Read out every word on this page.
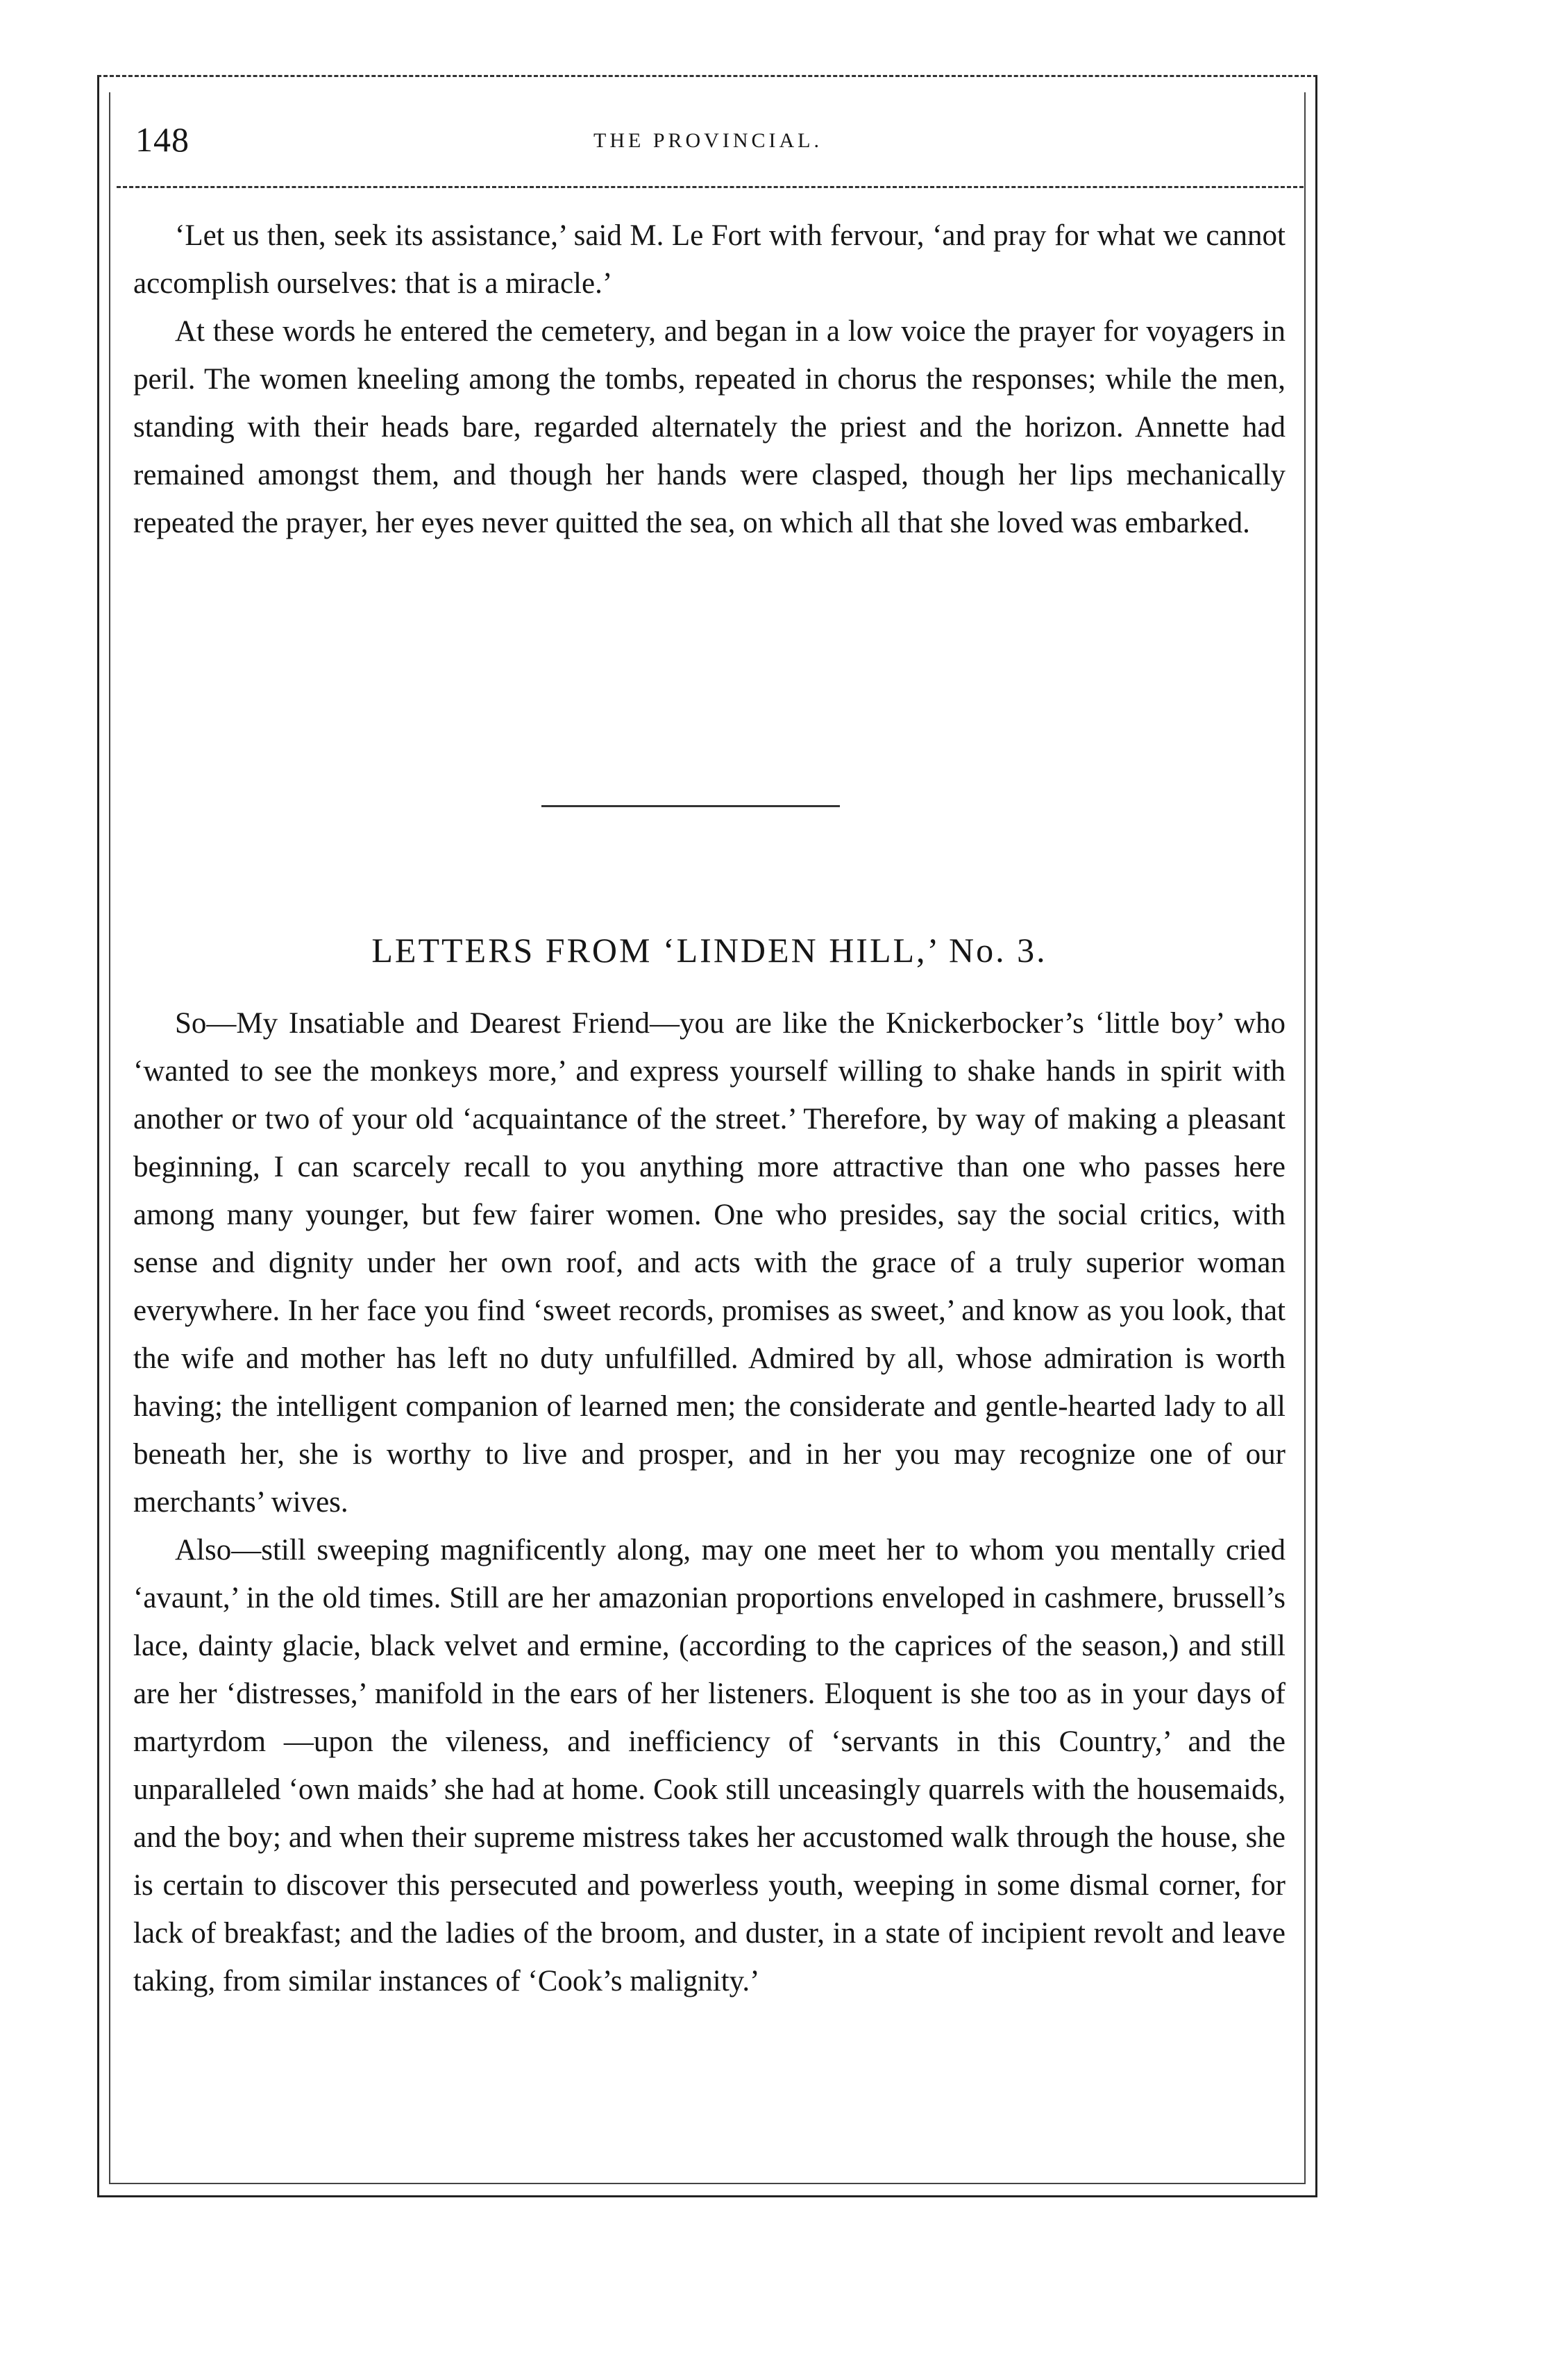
148	THE PROVINCIAL.

‘Let us then, seek its assistance,’ said M. Le Fort with fervour, ‘and pray for what we cannot accomplish ourselves: that is a miracle.’

At these words he entered the cemetery, and began in a low voice the prayer for voyagers in peril. The women kneeling among the tombs, repeated in chorus the responses; while the men, standing with their heads bare, regarded alternately the priest and the horizon. Annette had remained amongst them, and though her hands were clasped, though her lips mechanically repeated the prayer, her eyes never quitted the sea, on which all that she loved was embarked.

LETTERS FROM ‘LINDEN HILL,’ No. 3.

So—My Insatiable and Dearest Friend—you are like the Knickerbocker’s ‘little boy’ who ‘wanted to see the monkeys more,’ and express yourself willing to shake hands in spirit with another or two of your old ‘acquaintance of the street.’ Therefore, by way of making a pleasant beginning, I can scarcely recall to you anything more attractive than one who passes here among many younger, but few fairer women. One who presides, say the social critics, with sense and dignity under her own roof, and acts with the grace of a truly superior woman everywhere. In her face you find ‘sweet records, promises as sweet,’ and know as you look, that the wife and mother has left no duty unfulfilled. Admired by all, whose admiration is worth having; the intelligent companion of learned men; the considerate and gentle-hearted lady to all beneath her, she is worthy to live and prosper, and in her you may recognize one of our merchants’ wives.

Also—still sweeping magnificently along, may one meet her to whom you mentally cried ‘avaunt,’ in the old times. Still are her amazonian proportions enveloped in cashmere, brussell’s lace, dainty glacie, black velvet and ermine, (according to the caprices of the season,) and still are her ‘distresses,’ manifold in the ears of her listeners. Eloquent is she too as in your days of martyrdom —upon the vileness, and inefficiency of ‘servants in this Country,’ and the unparalleled ‘own maids’ she had at home. Cook still unceasingly quarrels with the housemaids, and the boy; and when their supreme mistress takes her accustomed walk through the house, she is certain to discover this persecuted and powerless youth, weeping in some dismal corner, for lack of breakfast; and the ladies of the broom, and duster, in a state of incipient revolt and leave taking, from similar instances of ‘Cook’s malignity.’
